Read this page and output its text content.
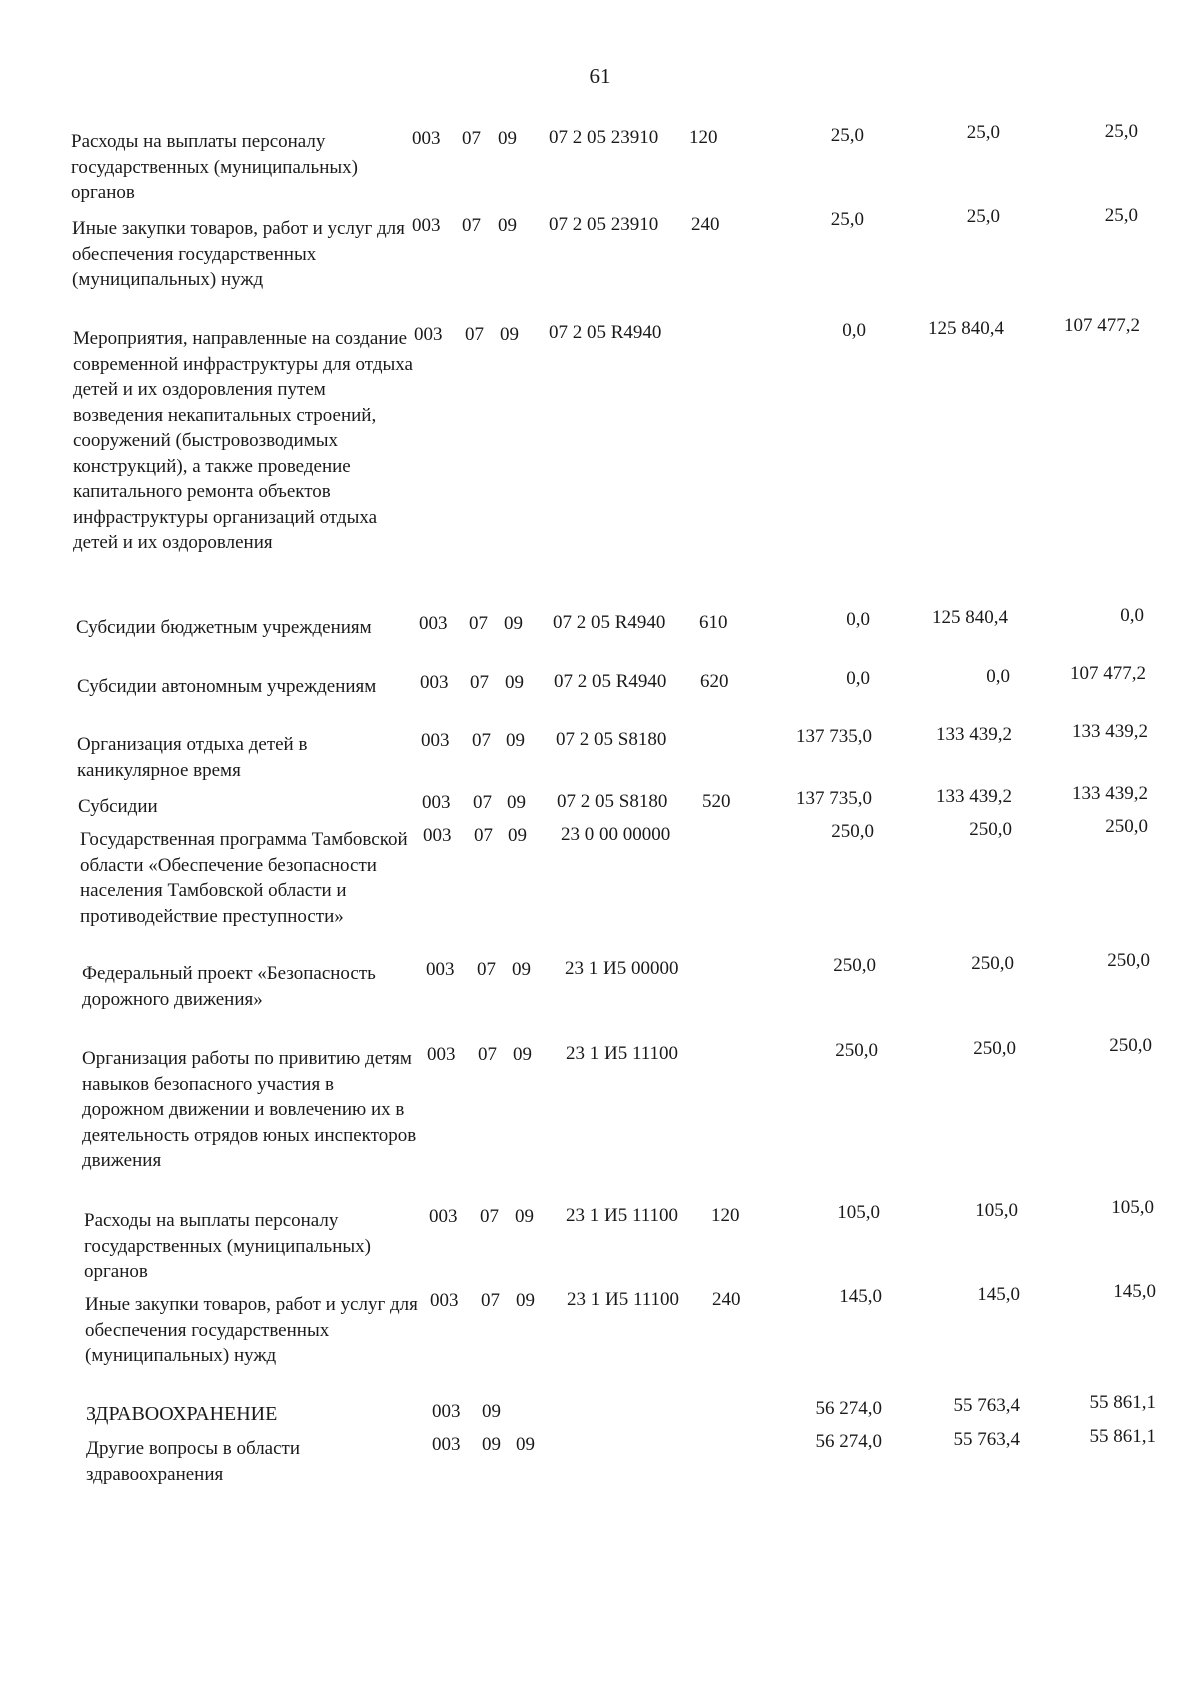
61
Расходы на выплаты персоналу государственных (муниципальных) органов
003 07 09 07 2 05 23910 120	25,0	25,0	25,0
Иные закупки товаров, работ и услуг для обеспечения государственных (муниципальных) нужд
003 07 09 07 2 05 23910 240	25,0	25,0	25,0
Мероприятия, направленные на создание современной инфраструктуры для отдыха детей и их оздоровления путем возведения некапитальных строений, сооружений (быстровозводимых конструкций), а также проведение капитального ремонта объектов инфраструктуры организаций отдыха детей и их оздоровления
003 07 09 07 2 05 R4940	0,0	125 840,4	107 477,2
Субсидии бюджетным учреждениям	003 07 09 07 2 05 R4940 610	0,0	125 840,4	0,0
Субсидии автономным учреждениям	003 07 09 07 2 05 R4940 620	0,0	0,0	107 477,2
Организация отдыха детей в каникулярное время
003 07 09 07 2 05 S8180	137 735,0	133 439,2	133 439,2
Субсидии	003 07 09 07 2 05 S8180 520	137 735,0	133 439,2	133 439,2
Государственная программа Тамбовской области «Обеспечение безопасности населения Тамбовской области и противодействие преступности»
003 07 09 23 0 00 00000	250,0	250,0	250,0
Федеральный проект «Безопасность дорожного движения»
003 07 09 23 1 И5 00000	250,0	250,0	250,0
Организация работы по привитию детям навыков безопасного участия в дорожном движении и вовлечению их в деятельность отрядов юных инспекторов движения
003 07 09 23 1 И5 11100	250,0	250,0	250,0
Расходы на выплаты персоналу государственных (муниципальных) органов
003 07 09 23 1 И5 11100 120	105,0	105,0	105,0
Иные закупки товаров, работ и услуг для обеспечения государственных (муниципальных) нужд
003 07 09 23 1 И5 11100 240	145,0	145,0	145,0
ЗДРАВООХРАНЕНИЕ	003 09	56 274,0	55 763,4	55 861,1
Другие вопросы в области здравоохранения
003 09 09	56 274,0	55 763,4	55 861,1
